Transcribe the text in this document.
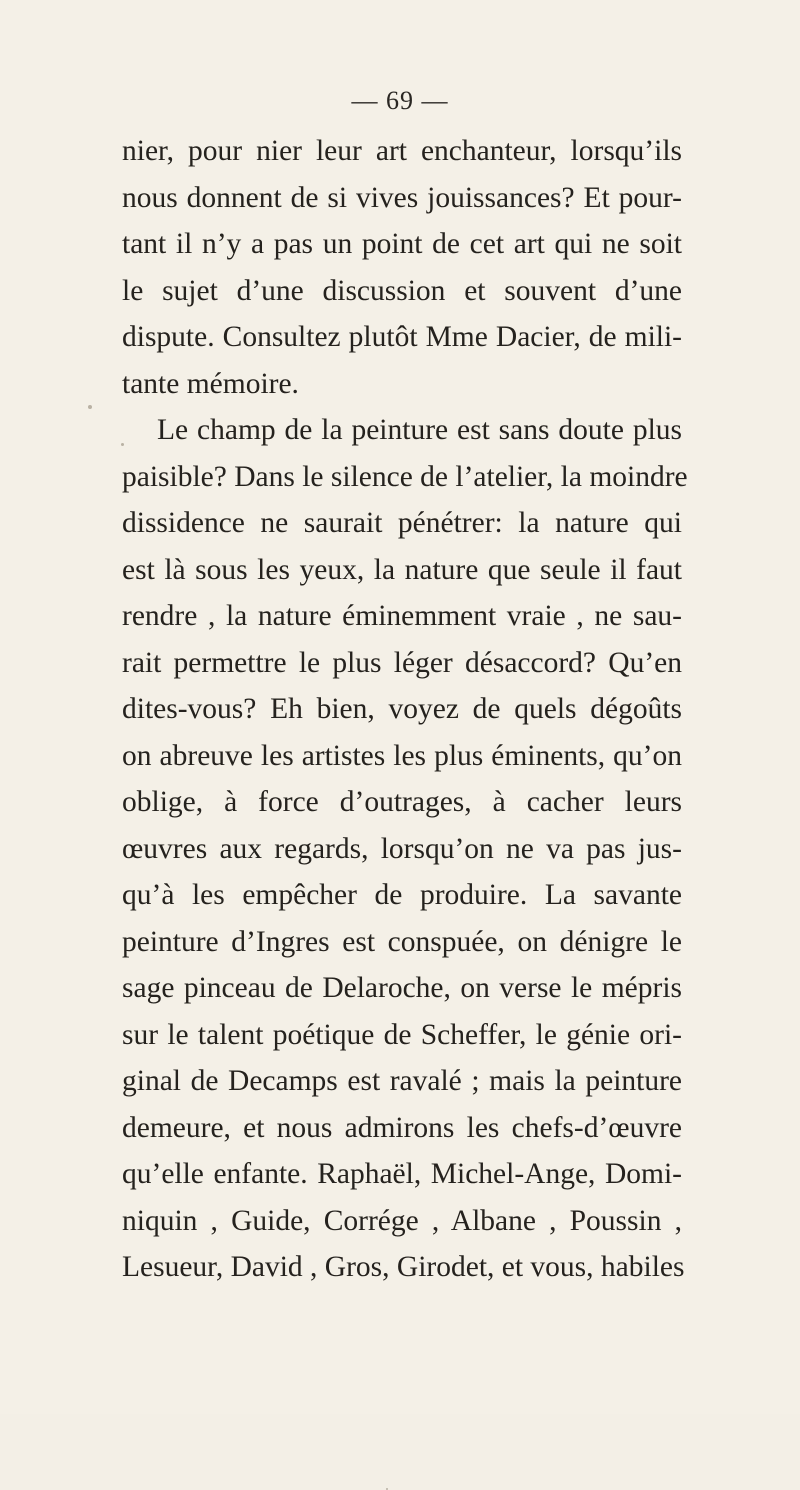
— 69 —
nier, pour nier leur art enchanteur, lorsqu’ils
nous donnent de si vives jouissances? Et pour-
tant il n’y a pas un point de cet art qui ne soit
le sujet d’une discussion et souvent d’une
dispute. Consultez plutôt Mme Dacier, de mili-
tante mémoire.
Le champ de la peinture est sans doute plus
paisible? Dans le silence de l’atelier, la moindre
dissidence ne saurait pénétrer: la nature qui
est là sous les yeux, la nature que seule il faut
rendre , la nature éminemment vraie , ne sau-
rait permettre le plus léger désaccord? Qu’en
dites-vous? Eh bien, voyez de quels dégoûts
on abreuve les artistes les plus éminents, qu’on
oblige, à force d’outrages, à cacher leurs
œuvres aux regards, lorsqu’on ne va pas jus-
qu’à les empêcher de produire. La savante
peinture d’Ingres est conspuée, on dénigre le
sage pinceau de Delaroche, on verse le mépris
sur le talent poétique de Scheffer, le génie ori-
ginal de Decamps est ravalé ; mais la peinture
demeure, et nous admirons les chefs-d’œuvre
qu’elle enfante. Raphaël, Michel-Ange, Domi-
niquin , Guide, Corrége , Albane , Poussin ,
Lesueur, David , Gros, Girodet, et vous, habiles
